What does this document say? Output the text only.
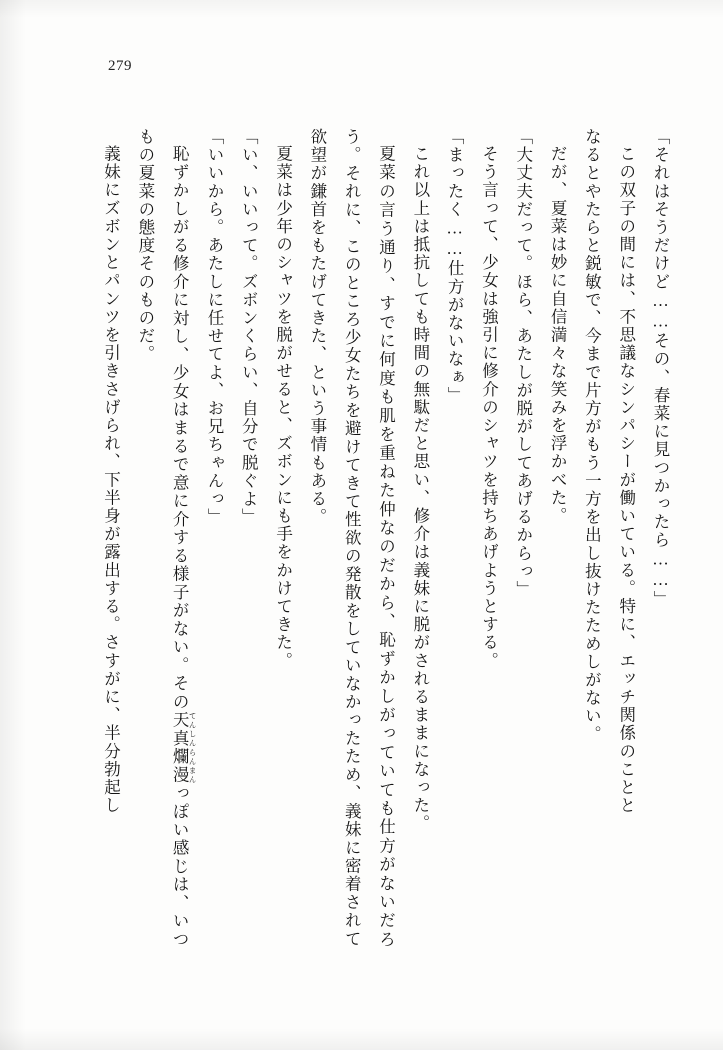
279

「それはそうだけど……その、春菜に見つかったら……」

この双子の間には、不思議なシンパシーが働いている。特に、エッチ関係のことと

なるとやたらと鋭敏で、今まで片方がもう一方を出し抜けたためしがない。

だが、夏菜は妙に自信満々な笑みを浮かべた。

「大丈夫だって。ほら、あたしが脱がしてあげるからっ」

そう言って、少女は強引に修介のシャツを持ちあげようとする。

「まったく……仕方がないなぁ」

これ以上は抵抗しても時間の無駄だと思い、修介は義妹に脱がされるままになった。

夏菜の言う通り、すでに何度も肌を重ねた仲なのだから、恥ずかしがっていても仕方がないだろう。それに、このところ少女たちを避けてきて性欲の発散をしていなかったため、義妹に密着されて欲望が鎌首をもたげてきた、という事情もある。

夏菜は少年のシャツを脱がせると、ズボンにも手をかけてきた。

「い、いいって。ズボンくらい、自分で脱ぐよ」

「いいから。あたしに任せてよ、お兄ちゃんっ」

恥ずかしがる修介に対し、少女はまるで意に介する様子がない。その天真爛漫 てんしんらんまんっぽい感じは、いつもの夏菜の態度そのものだ。

義妹にズボンとパンツを引きさげられ、下半身が露出する。さすがに、半分勃起し
